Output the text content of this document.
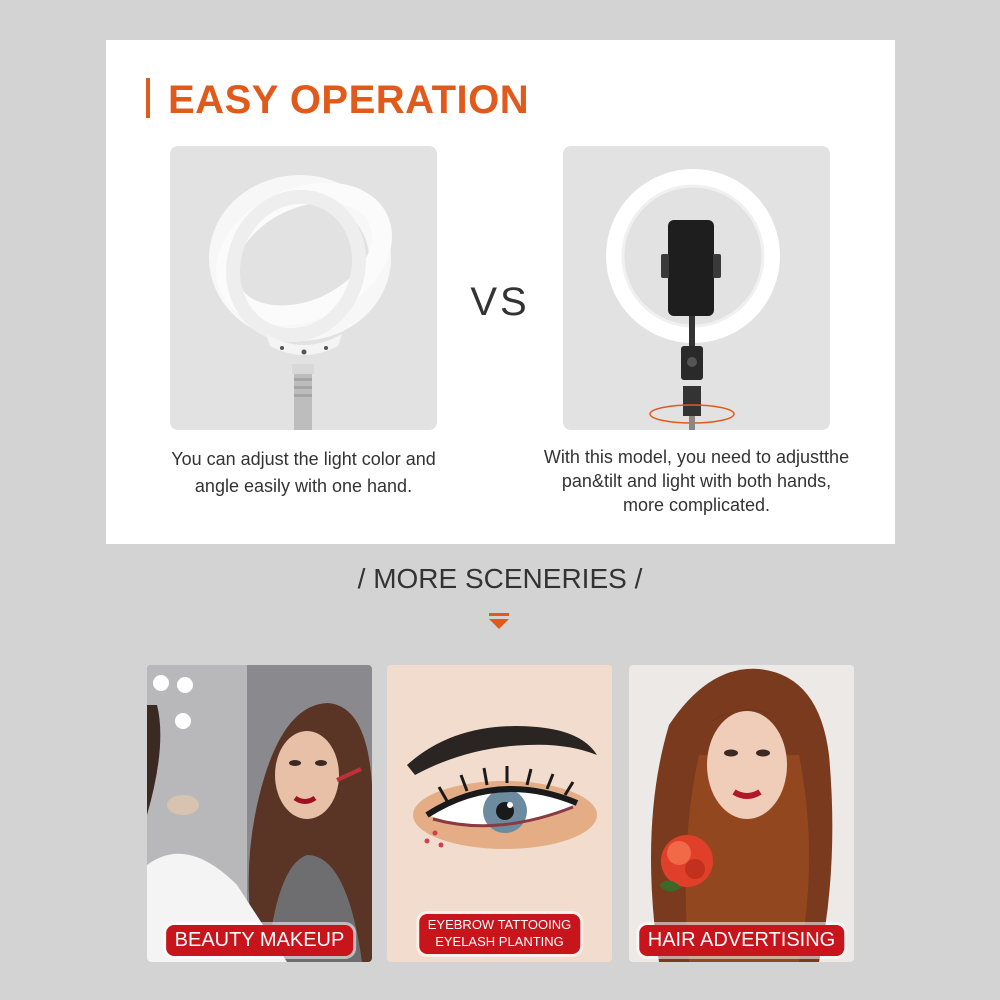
EASY OPERATION
VS
You can adjust the light color and angle easily with one hand.
With this model, you need to adjustthe pan&tilt and light with both hands, more complicated.
/ MORE SCENERIES /
BEAUTY MAKEUP
EYEBROW TATTOOING
EYELASH PLANTING	HAIR ADVERTISING
